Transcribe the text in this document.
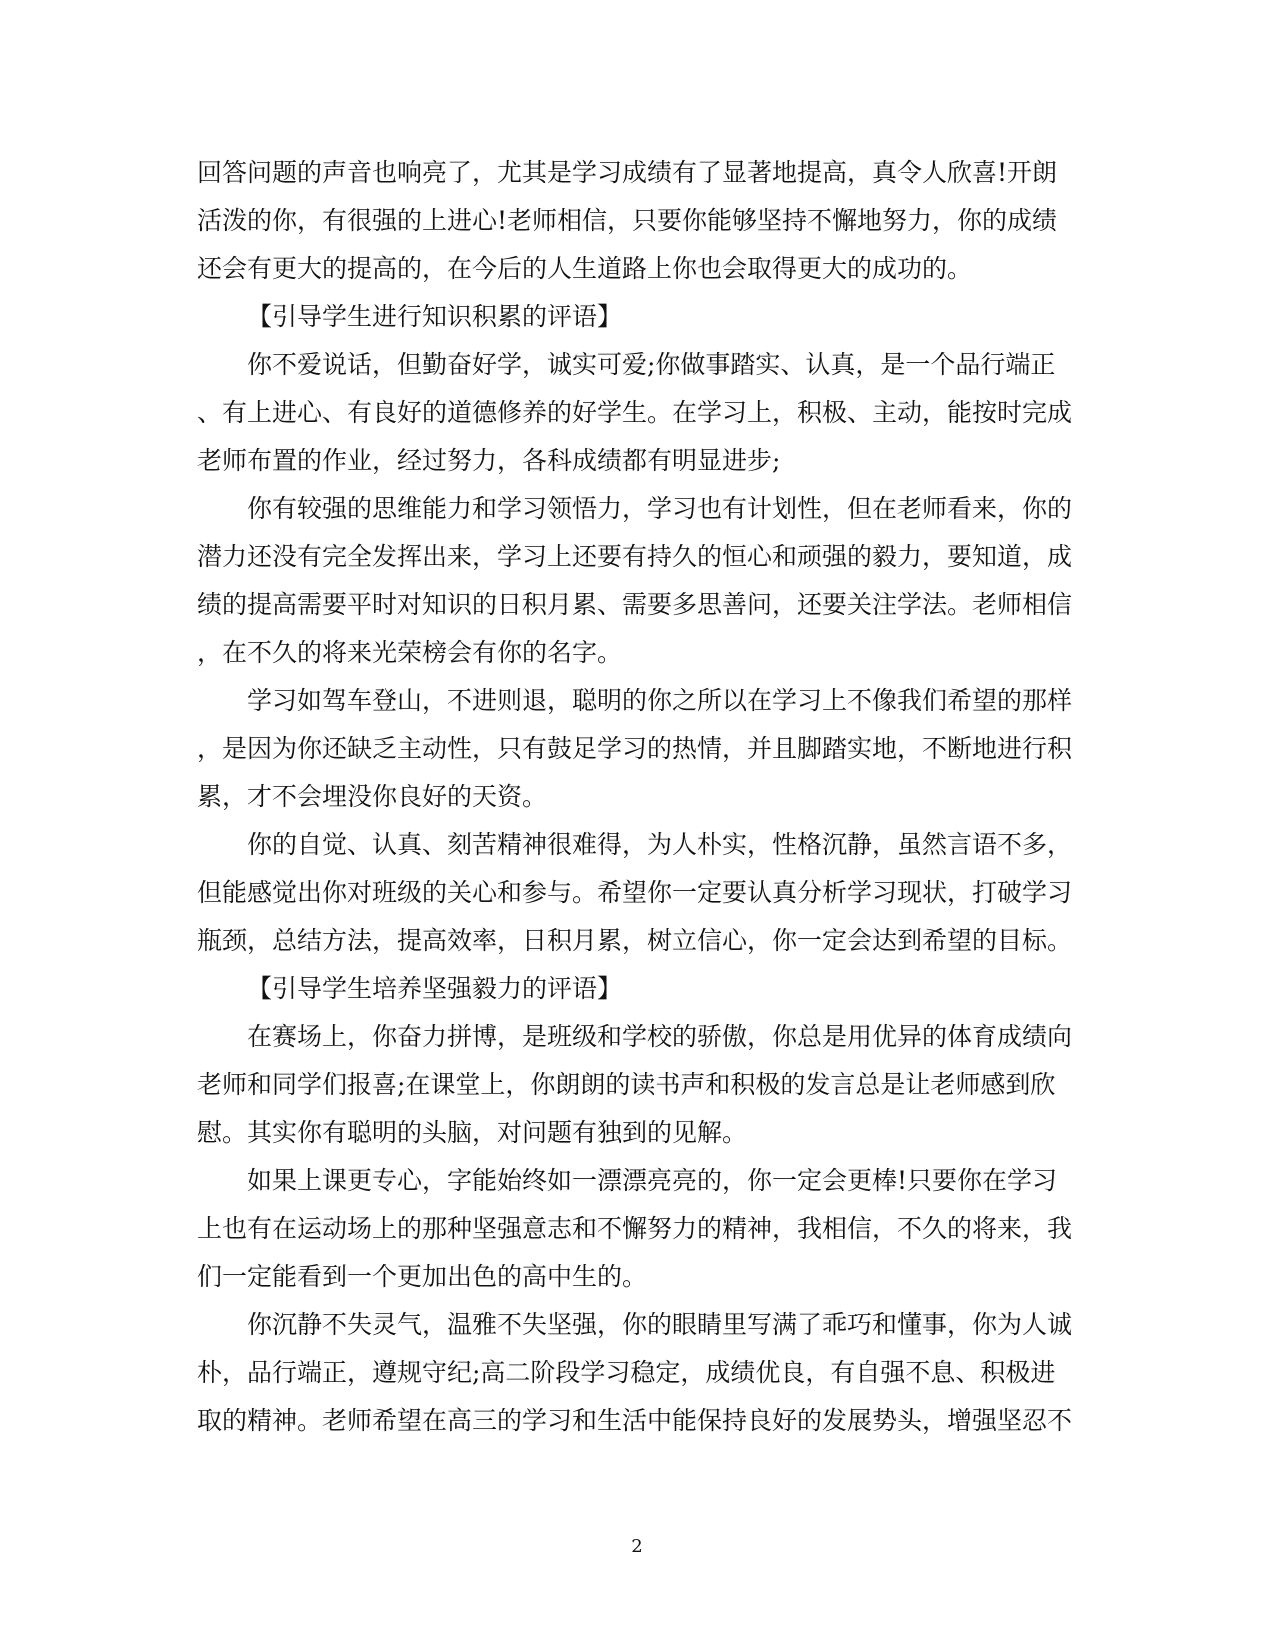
回答问题的声音也响亮了，尤其是学习成绩有了显著地提高，真令人欣喜!开朗
活泼的你，有很强的上进心!老师相信，只要你能够坚持不懈地努力，你的成绩
还会有更大的提高的，在今后的人生道路上你也会取得更大的成功的。
【引导学生进行知识积累的评语】
你不爱说话，但勤奋好学，诚实可爱;你做事踏实、认真，是一个品行端正
、有上进心、有良好的道德修养的好学生。在学习上，积极、主动，能按时完成
老师布置的作业，经过努力，各科成绩都有明显进步;
你有较强的思维能力和学习领悟力，学习也有计划性，但在老师看来，你的
潜力还没有完全发挥出来，学习上还要有持久的恒心和顽强的毅力，要知道，成
绩的提高需要平时对知识的日积月累、需要多思善问，还要关注学法。老师相信
，在不久的将来光荣榜会有你的名字。
学习如驾车登山，不进则退，聪明的你之所以在学习上不像我们希望的那样
，是因为你还缺乏主动性，只有鼓足学习的热情，并且脚踏实地，不断地进行积
累，才不会埋没你良好的天资。
你的自觉、认真、刻苦精神很难得，为人朴实，性格沉静，虽然言语不多，
但能感觉出你对班级的关心和参与。希望你一定要认真分析学习现状，打破学习
瓶颈，总结方法，提高效率，日积月累，树立信心，你一定会达到希望的目标。
【引导学生培养坚强毅力的评语】
在赛场上，你奋力拼博，是班级和学校的骄傲，你总是用优异的体育成绩向
老师和同学们报喜;在课堂上，你朗朗的读书声和积极的发言总是让老师感到欣
慰。其实你有聪明的头脑，对问题有独到的见解。
如果上课更专心，字能始终如一漂漂亮亮的，你一定会更棒!只要你在学习
上也有在运动场上的那种坚强意志和不懈努力的精神，我相信，不久的将来，我
们一定能看到一个更加出色的高中生的。
你沉静不失灵气，温雅不失坚强，你的眼睛里写满了乖巧和懂事，你为人诚
朴，品行端正，遵规守纪;高二阶段学习稳定，成绩优良，有自强不息、积极进
取的精神。老师希望在高三的学习和生活中能保持良好的发展势头，增强坚忍不
2
